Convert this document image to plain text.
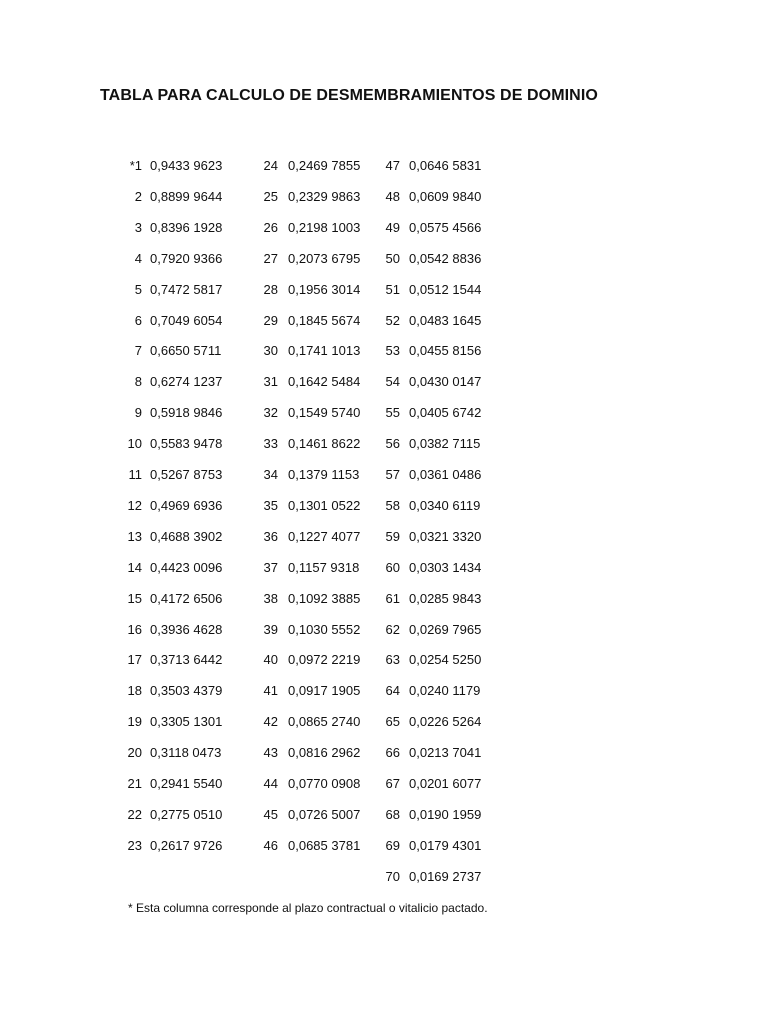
TABLA PARA CALCULO DE DESMEMBRAMIENTOS DE DOMINIO
*1 0,9433 9623
2 0,8899 9644
3 0,8396 1928
4 0,7920 9366
5 0,7472 5817
6 0,7049 6054
7 0,6650 5711
8 0,6274 1237
9 0,5918 9846
10 0,5583 9478
11 0,5267 8753
12 0,4969 6936
13 0,4688 3902
14 0,4423 0096
15 0,4172 6506
16 0,3936 4628
17 0,3713 6442
18 0,3503 4379
19 0,3305 1301
20 0,3118 0473
21 0,2941 5540
22 0,2775 0510
23 0,2617 9726
24 0,2469 7855
25 0,2329 9863
26 0,2198 1003
27 0,2073 6795
28 0,1956 3014
29 0,1845 5674
30 0,1741 1013
31 0,1642 5484
32 0,1549 5740
33 0,1461 8622
34 0,1379 1153
35 0,1301 0522
36 0,1227 4077
37 0,1157 9318
38 0,1092 3885
39 0,1030 5552
40 0,0972 2219
41 0,0917 1905
42 0,0865 2740
43 0,0816 2962
44 0,0770 0908
45 0,0726 5007
46 0,0685 3781
47 0,0646 5831
48 0,0609 9840
49 0,0575 4566
50 0,0542 8836
51 0,0512 1544
52 0,0483 1645
53 0,0455 8156
54 0,0430 0147
55 0,0405 6742
56 0,0382 7115
57 0,0361 0486
58 0,0340 6119
59 0,0321 3320
60 0,0303 1434
61 0,0285 9843
62 0,0269 7965
63 0,0254 5250
64 0,0240 1179
65 0,0226 5264
66 0,0213 7041
67 0,0201 6077
68 0,0190 1959
69 0,0179 4301
70 0,0169 2737
* Esta columna corresponde al plazo contractual o vitalicio pactado.
